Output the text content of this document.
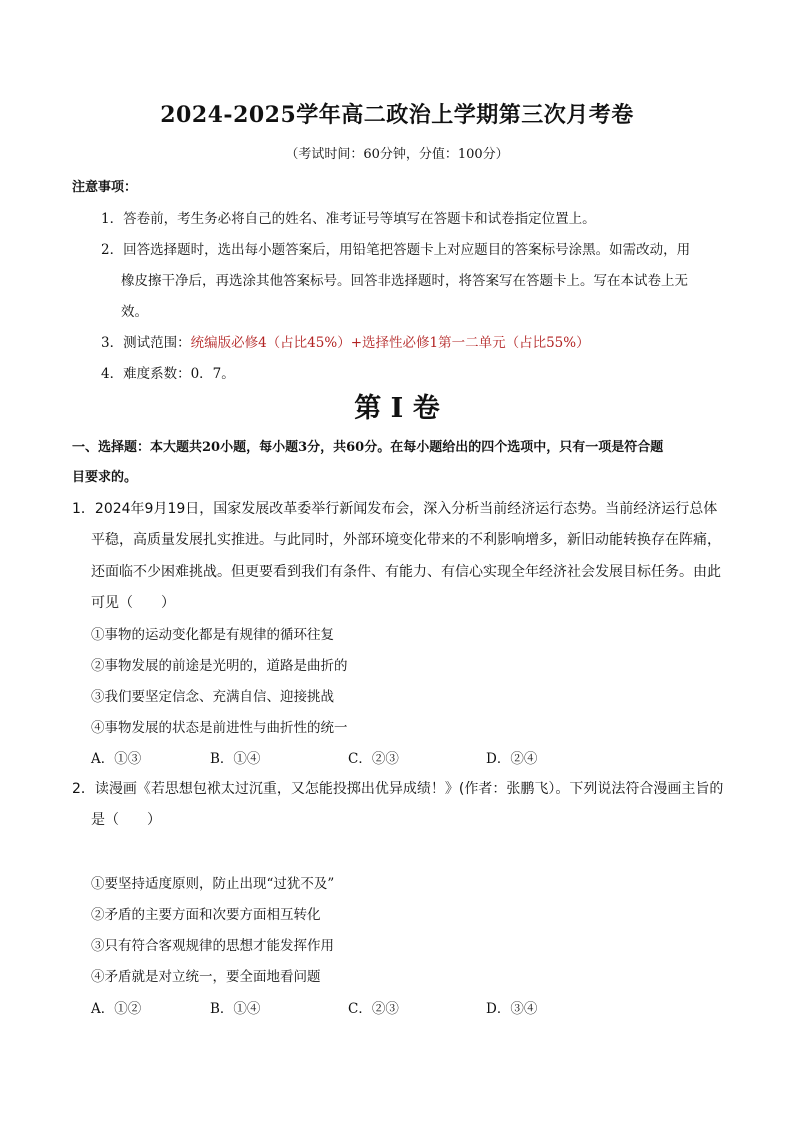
2024-2025学年高二政治上学期第三次月考卷
（考试时间：60分钟，分值：100分）
注意事项：
1．答卷前，考生务必将自己的姓名、准考证号等填写在答题卡和试卷指定位置上。
2．回答选择题时，选出每小题答案后，用铅笔把答题卡上对应题目的答案标号涂黑。如需改动，用
橡皮擦干净后，再选涂其他答案标号。回答非选择题时，将答案写在答题卡上。写在本试卷上无
效。
3．测试范围：统编版必修4（占比45%）+选择性必修1第一二单元（占比55%）
4．难度系数：0．7。
第 I 卷
一、选择题：本大题共20小题，每小题3分，共60分。在每小题给出的四个选项中，只有一项是符合题
目要求的。
1．2024年9月19日，国家发展改革委举行新闻发布会，深入分析当前经济运行态势。当前经济运行总体
平稳，高质量发展扎实推进。与此同时，外部环境变化带来的不利影响增多，新旧动能转换存在阵痛，
还面临不少困难挑战。但更要看到我们有条件、有能力、有信心实现全年经济社会发展目标任务。由此
可见（　　）
①事物的运动变化都是有规律的循环往复
②事物发展的前途是光明的，道路是曲折的
③我们要坚定信念、充满自信、迎接挑战
④事物发展的状态是前进性与曲折性的统一
A．①③	B．①④	C．②③	D．②④
2．读漫画《若思想包袱太过沉重，又怎能投掷出优异成绩！》(作者：张鹏飞）。下列说法符合漫画主旨的
是（　　）
①要坚持适度原则，防止出现“过犹不及”
②矛盾的主要方面和次要方面相互转化
③只有符合客观规律的思想才能发挥作用
④矛盾就是对立统一，要全面地看问题
A．①②	B．①④	C．②③	D．③④
